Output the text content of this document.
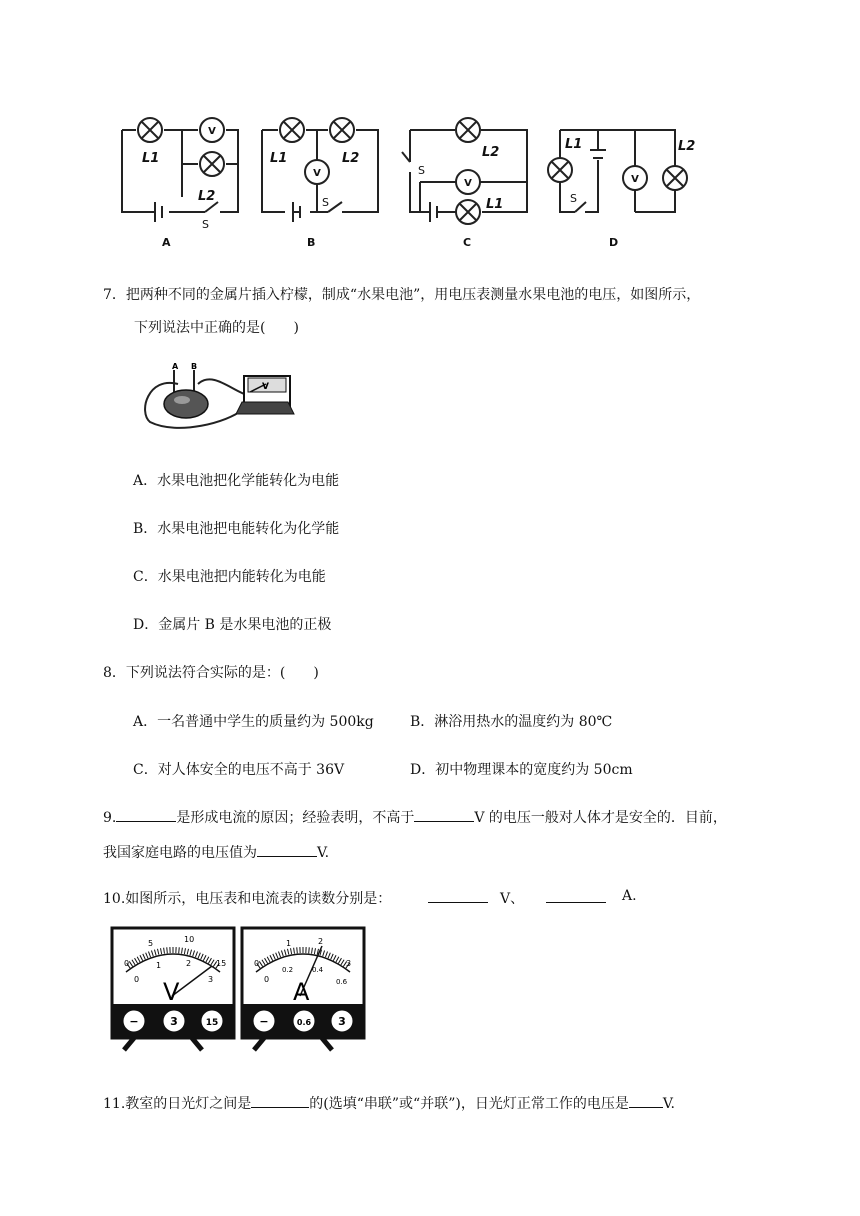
V
V
V	V
L1
L2
S
L1	L2
S
L2
L1
S
L1	L2
S
A	B	C	D
7．把两种不同的金属片插入柠檬，制成“水果电池”，用电压表测量水果电池的电压，如图所示，
下列说法中正确的是(　　)
A B
V
A．水果电池把化学能转化为电能
B．水果电池把电能转化为化学能
C．水果电池把内能转化为电能
D．金属片 B 是水果电池的正极
8．下列说法符合实际的是：(　　)
A．一名普通中学生的质量约为 500kg	B．淋浴用热水的温度约为 80℃
C．对人体安全的电压不高于 36V	D．初中物理课本的宽度约为 50cm
9.	是形成电流的原因；经验表明，不高于	V 的电压一般对人体才是安全的．目前，
我国家庭电路的电压值为	V.
10.如图所示，电压表和电流表的读数分别是：	V、	A.
0
5	10
15
0
1	2
3
V
−	3	15
0
1	2
3
0
0.2	0.4
0.6
A
−	0.6 3
11.教室的日光灯之间是	的(选填“串联”或“并联”)，日光灯正常工作的电压是 V.
